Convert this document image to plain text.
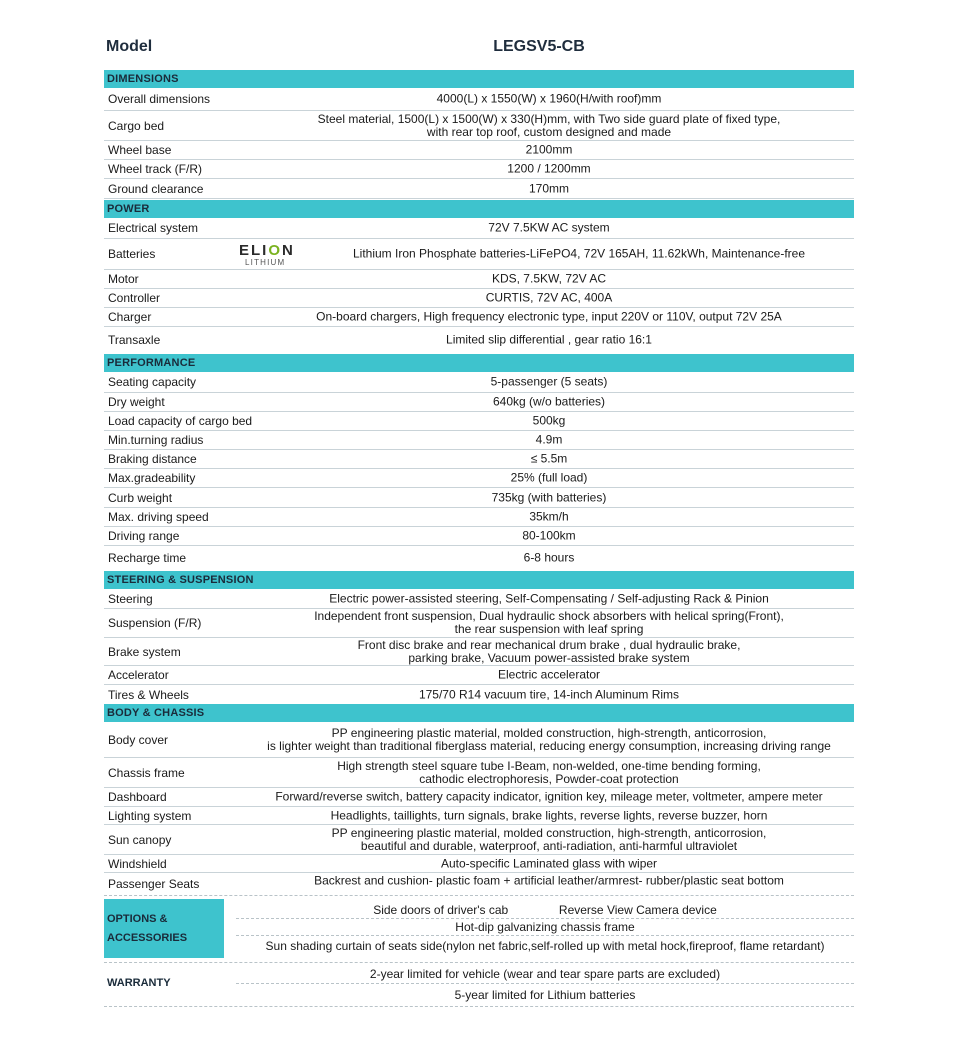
Model	LEGSV5-CB
DIMENSIONS
Overall dimensions	4000(L) x 1550(W) x 1960(H/with roof)mm
Cargo bed	Steel material, 1500(L) x 1500(W) x 330(H)mm, with Two side guard plate of fixed type,
with rear top roof, custom designed and made
Wheel base	2100mm
Wheel track (F/R)	1200 / 1200mm
Ground clearance	170mm
POWER
Electrical system	72V 7.5KW AC system
Batteries	ELION
LITHIUM
Lithium Iron Phosphate batteries-LiFePO4, 72V 165AH, 11.62kWh, Maintenance-free
Motor	KDS, 7.5KW, 72V AC
Controller	CURTIS, 72V AC, 400A
Charger	On-board chargers, High frequency electronic type, input 220V or 110V, output 72V 25A
Transaxle	Limited slip differential , gear ratio 16:1
PERFORMANCE
Seating capacity	5-passenger (5 seats)
Dry weight	640kg (w/o batteries)
Load capacity of cargo bed	500kg
Min.turning radius	4.9m
Braking distance	≤ 5.5m
Max.gradeability	25% (full load)
Curb weight	735kg (with batteries)
Max. driving speed	35km/h
Driving range	80-100km
Recharge time	6-8 hours
STEERING & SUSPENSION
Steering	Electric power-assisted steering, Self-Compensating / Self-adjusting Rack & Pinion
Suspension (F/R)	Independent front suspension, Dual hydraulic shock absorbers with helical spring(Front),
the rear suspension with leaf spring
Brake system	Front disc brake and rear mechanical drum brake , dual hydraulic brake,
parking brake, Vacuum power-assisted brake system
Accelerator	Electric accelerator
Tires & Wheels	175/70 R14 vacuum tire, 14-inch Aluminum Rims
BODY & CHASSIS
Body cover	PP engineering plastic material, molded construction, high-strength, anticorrosion,
is lighter weight than traditional fiberglass material, reducing energy consumption, increasing driving range
Chassis frame	High strength steel square tube I-Beam, non-welded, one-time bending forming,
cathodic electrophoresis, Powder-coat protection
Dashboard	Forward/reverse switch, battery capacity indicator, ignition key, mileage meter, voltmeter, ampere meter
Lighting system	Headlights, taillights, turn signals, brake lights, reverse lights, reverse buzzer, horn
Sun canopy	PP engineering plastic material, molded construction, high-strength, anticorrosion,
beautiful and durable, waterproof, anti-radiation, anti-harmful ultraviolet
Windshield	Auto-specific Laminated glass with wiper
Passenger Seats	Backrest and cushion- plastic foam + artificial leather/armrest- rubber/plastic seat bottom
OPTIONS &
ACCESSORIES
Side doors of driver's cab	Reverse View Camera device
Hot-dip galvanizing chassis frame
Sun shading curtain of seats side(nylon net fabric,self-rolled up with metal hock,fireproof, flame retardant)
WARRANTY
2-year limited for vehicle (wear and tear spare parts are excluded)
5-year limited for Lithium batteries
